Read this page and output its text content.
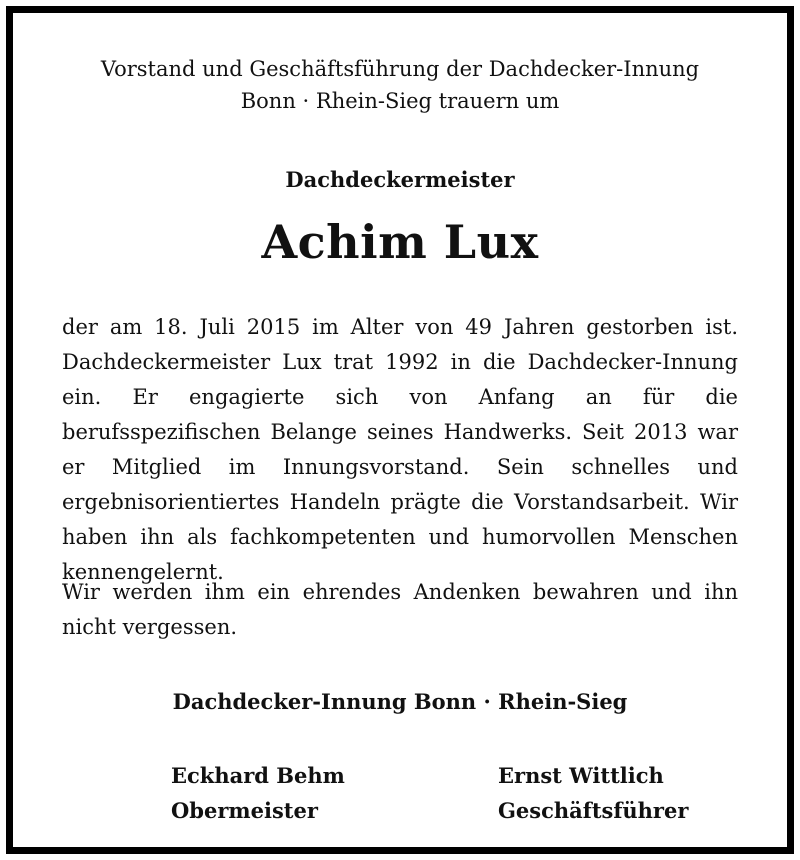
Vorstand und Geschäftsführung der Dachdecker-Innung
Bonn · Rhein-Sieg trauern um
Dachdeckermeister
Achim Lux
der am 18. Juli 2015 im Alter von 49 Jahren gestorben ist. Dachdeckermeister Lux trat 1992 in die Dachdecker-Innung ein. Er engagierte sich von Anfang an für die berufsspezifischen Belange seines Handwerks. Seit 2013 war er Mitglied im Innungsvorstand. Sein schnelles und ergebnisorientiertes Handeln prägte die Vorstandsarbeit. Wir haben ihn als fachkompetenten und humorvollen Menschen kennengelernt.
Wir werden ihm ein ehrendes Andenken bewahren und ihn nicht vergessen.
Dachdecker-Innung Bonn · Rhein-Sieg
Eckhard Behm
Obermeister
Ernst Wittlich
Geschäftsführer
